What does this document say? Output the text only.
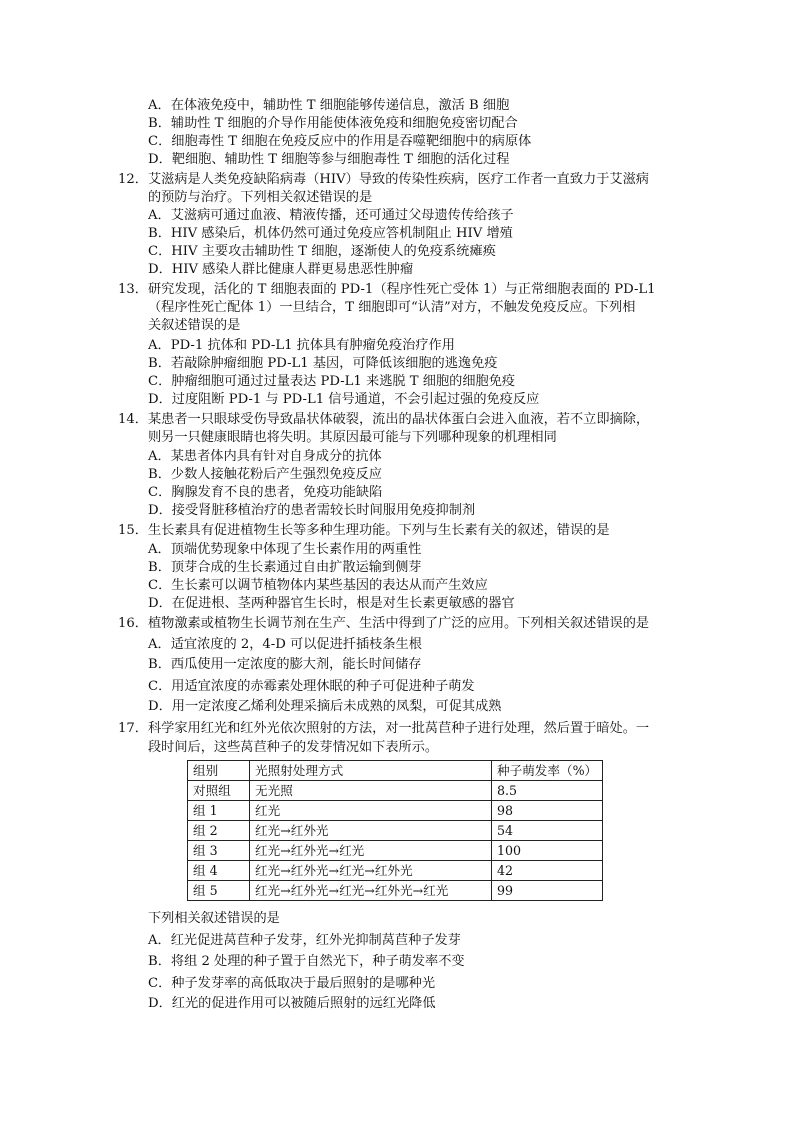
A．在体液免疫中，辅助性 T 细胞能够传递信息，激活 B 细胞
B．辅助性 T 细胞的介导作用能使体液免疫和细胞免疫密切配合
C．细胞毒性 T 细胞在免疫反应中的作用是吞噬靶细胞中的病原体
D．靶细胞、辅助性 T 细胞等参与细胞毒性 T 细胞的活化过程
12．艾滋病是人类免疫缺陷病毒（HIV）导致的传染性疾病，医疗工作者一直致力于艾滋病
的预防与治疗。下列相关叙述错误的是
A．艾滋病可通过血液、精液传播，还可通过父母遗传传给孩子
B．HIV 感染后，机体仍然可通过免疫应答机制阻止 HIV 增殖
C．HIV 主要攻击辅助性 T 细胞，逐渐使人的免疫系统瘫痪
D．HIV 感染人群比健康人群更易患恶性肿瘤
13．研究发现，活化的 T 细胞表面的 PD-1（程序性死亡受体 1）与正常细胞表面的 PD-L1
（程序性死亡配体 1）一旦结合，T 细胞即可“认清”对方，不触发免疫反应。下列相
关叙述错误的是
A．PD-1 抗体和 PD-L1 抗体具有肿瘤免疫治疗作用
B．若敲除肿瘤细胞 PD-L1 基因，可降低该细胞的逃逸免疫
C．肿瘤细胞可通过过量表达 PD-L1 来逃脱 T 细胞的细胞免疫
D．过度阻断 PD-1 与 PD-L1 信号通道，不会引起过强的免疫反应
14．某患者一只眼球受伤导致晶状体破裂，流出的晶状体蛋白会进入血液，若不立即摘除，
则另一只健康眼睛也将失明。其原因最可能与下列哪种现象的机理相同
A．某患者体内具有针对自身成分的抗体
B．少数人接触花粉后产生强烈免疫反应
C．胸腺发育不良的患者，免疫功能缺陷
D．接受肾脏移植治疗的患者需较长时间服用免疫抑制剂
15．生长素具有促进植物生长等多种生理功能。下列与生长素有关的叙述，错误的是
A．顶端优势现象中体现了生长素作用的两重性
B．顶芽合成的生长素通过自由扩散运输到侧芽
C．生长素可以调节植物体内某些基因的表达从而产生效应
D．在促进根、茎两种器官生长时，根是对生长素更敏感的器官
16．植物激素或植物生长调节剂在生产、生活中得到了广泛的应用。下列相关叙述错误的是
A．适宜浓度的 2，4-D 可以促进扦插枝条生根
B．西瓜使用一定浓度的膨大剂，能长时间储存
C．用适宜浓度的赤霉素处理休眠的种子可促进种子萌发
D．用一定浓度乙烯利处理采摘后未成熟的凤梨，可促其成熟
17．科学家用红光和红外光依次照射的方法，对一批莴苣种子进行处理，然后置于暗处。一
段时间后，这些莴苣种子的发芽情况如下表所示。
组别	光照射处理方式	种子萌发率（%）
对照组	无光照	8.5
组 1	红光	98
组 2	红光→红外光	54
组 3	红光→红外光→红光	100
组 4	红光→红外光→红光→红外光	42
组 5	红光→红外光→红光→红外光→红光	99
下列相关叙述错误的是
A．红光促进莴苣种子发芽，红外光抑制莴苣种子发芽
B．将组 2 处理的种子置于自然光下，种子萌发率不变
C．种子发芽率的高低取决于最后照射的是哪种光
D．红光的促进作用可以被随后照射的远红光降低
